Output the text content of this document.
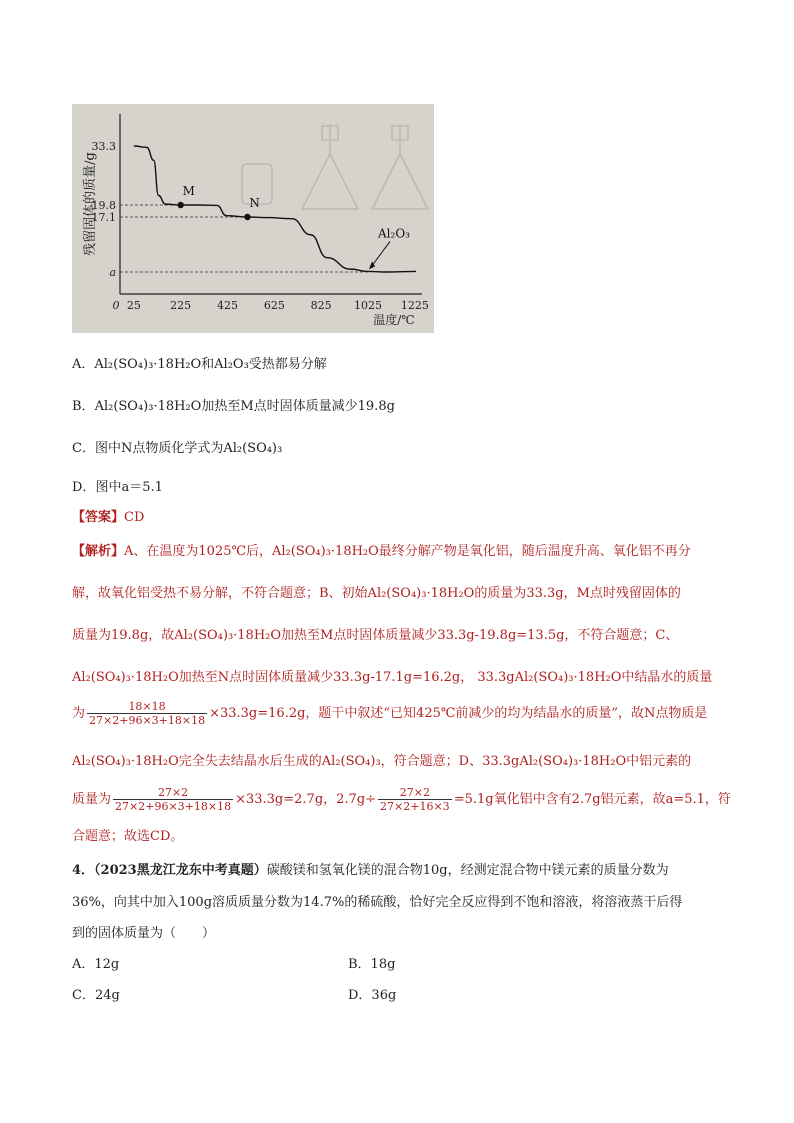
残留固体的质量/g
温度/℃
0 25	225 425 625 825 1025 1225
33.3
19.8
17.1
a
M
N
Al₂O₃
A．Al₂(SO₄)₃·18H₂O和Al₂O₃受热都易分解
B．Al₂(SO₄)₃·18H₂O加热至M点时固体质量减少19.8g
C．图中N点物质化学式为Al₂(SO₄)₃
D．图中a＝5.1
【答案】CD
【解析】A、在温度为1025℃后，Al₂(SO₄)₃·18H₂O最终分解产物是氧化铝，随后温度升高、氧化铝不再分
解，故氧化铝受热不易分解，不符合题意；B、初始Al₂(SO₄)₃·18H₂O的质量为33.3g，M点时残留固体的
质量为19.8g，故Al₂(SO₄)₃·18H₂O加热至M点时固体质量减少33.3g-19.8g=13.5g，不符合题意；C、
Al₂(SO₄)₃·18H₂O加热至N点时固体质量减少33.3g-17.1g=16.2g， 33.3gAl₂(SO₄)₃·18H₂O中结晶水的质量
为 $\frac{18\times 18}{27\times 2+96\times 3+18\times 18} \times 33.3g=16.2g$，题干中叙述“已知425℃前减少的均为结晶水的质量”，故N点物质是
Al₂(SO₄)₃·18H₂O完全失去结晶水后生成的Al₂(SO₄)₃，符合题意；D、33.3gAl₂(SO₄)₃·18H₂O中铝元素的
质量为 $\frac{27\times 2}{27\times 2+96\times 3+18\times 18} \times 33.3g=2.7g$，$2.7g\div \frac{27\times 2}{27\times 2+16\times 3} =5.1g$氧化铝中含有2.7g铝元素，故a=5.1，符
合题意；故选CD。
4．（2023黑龙江龙东中考真题）碳酸镁和氢氧化镁的混合物10g，经测定混合物中镁元素的质量分数为
36%，向其中加入100g溶质质量分数为14.7%的稀硫酸，恰好完全反应得到不饱和溶液，将溶液蒸干后得
到的固体质量为（　　）
A．12g	B．18g
C．24g	D．36g
